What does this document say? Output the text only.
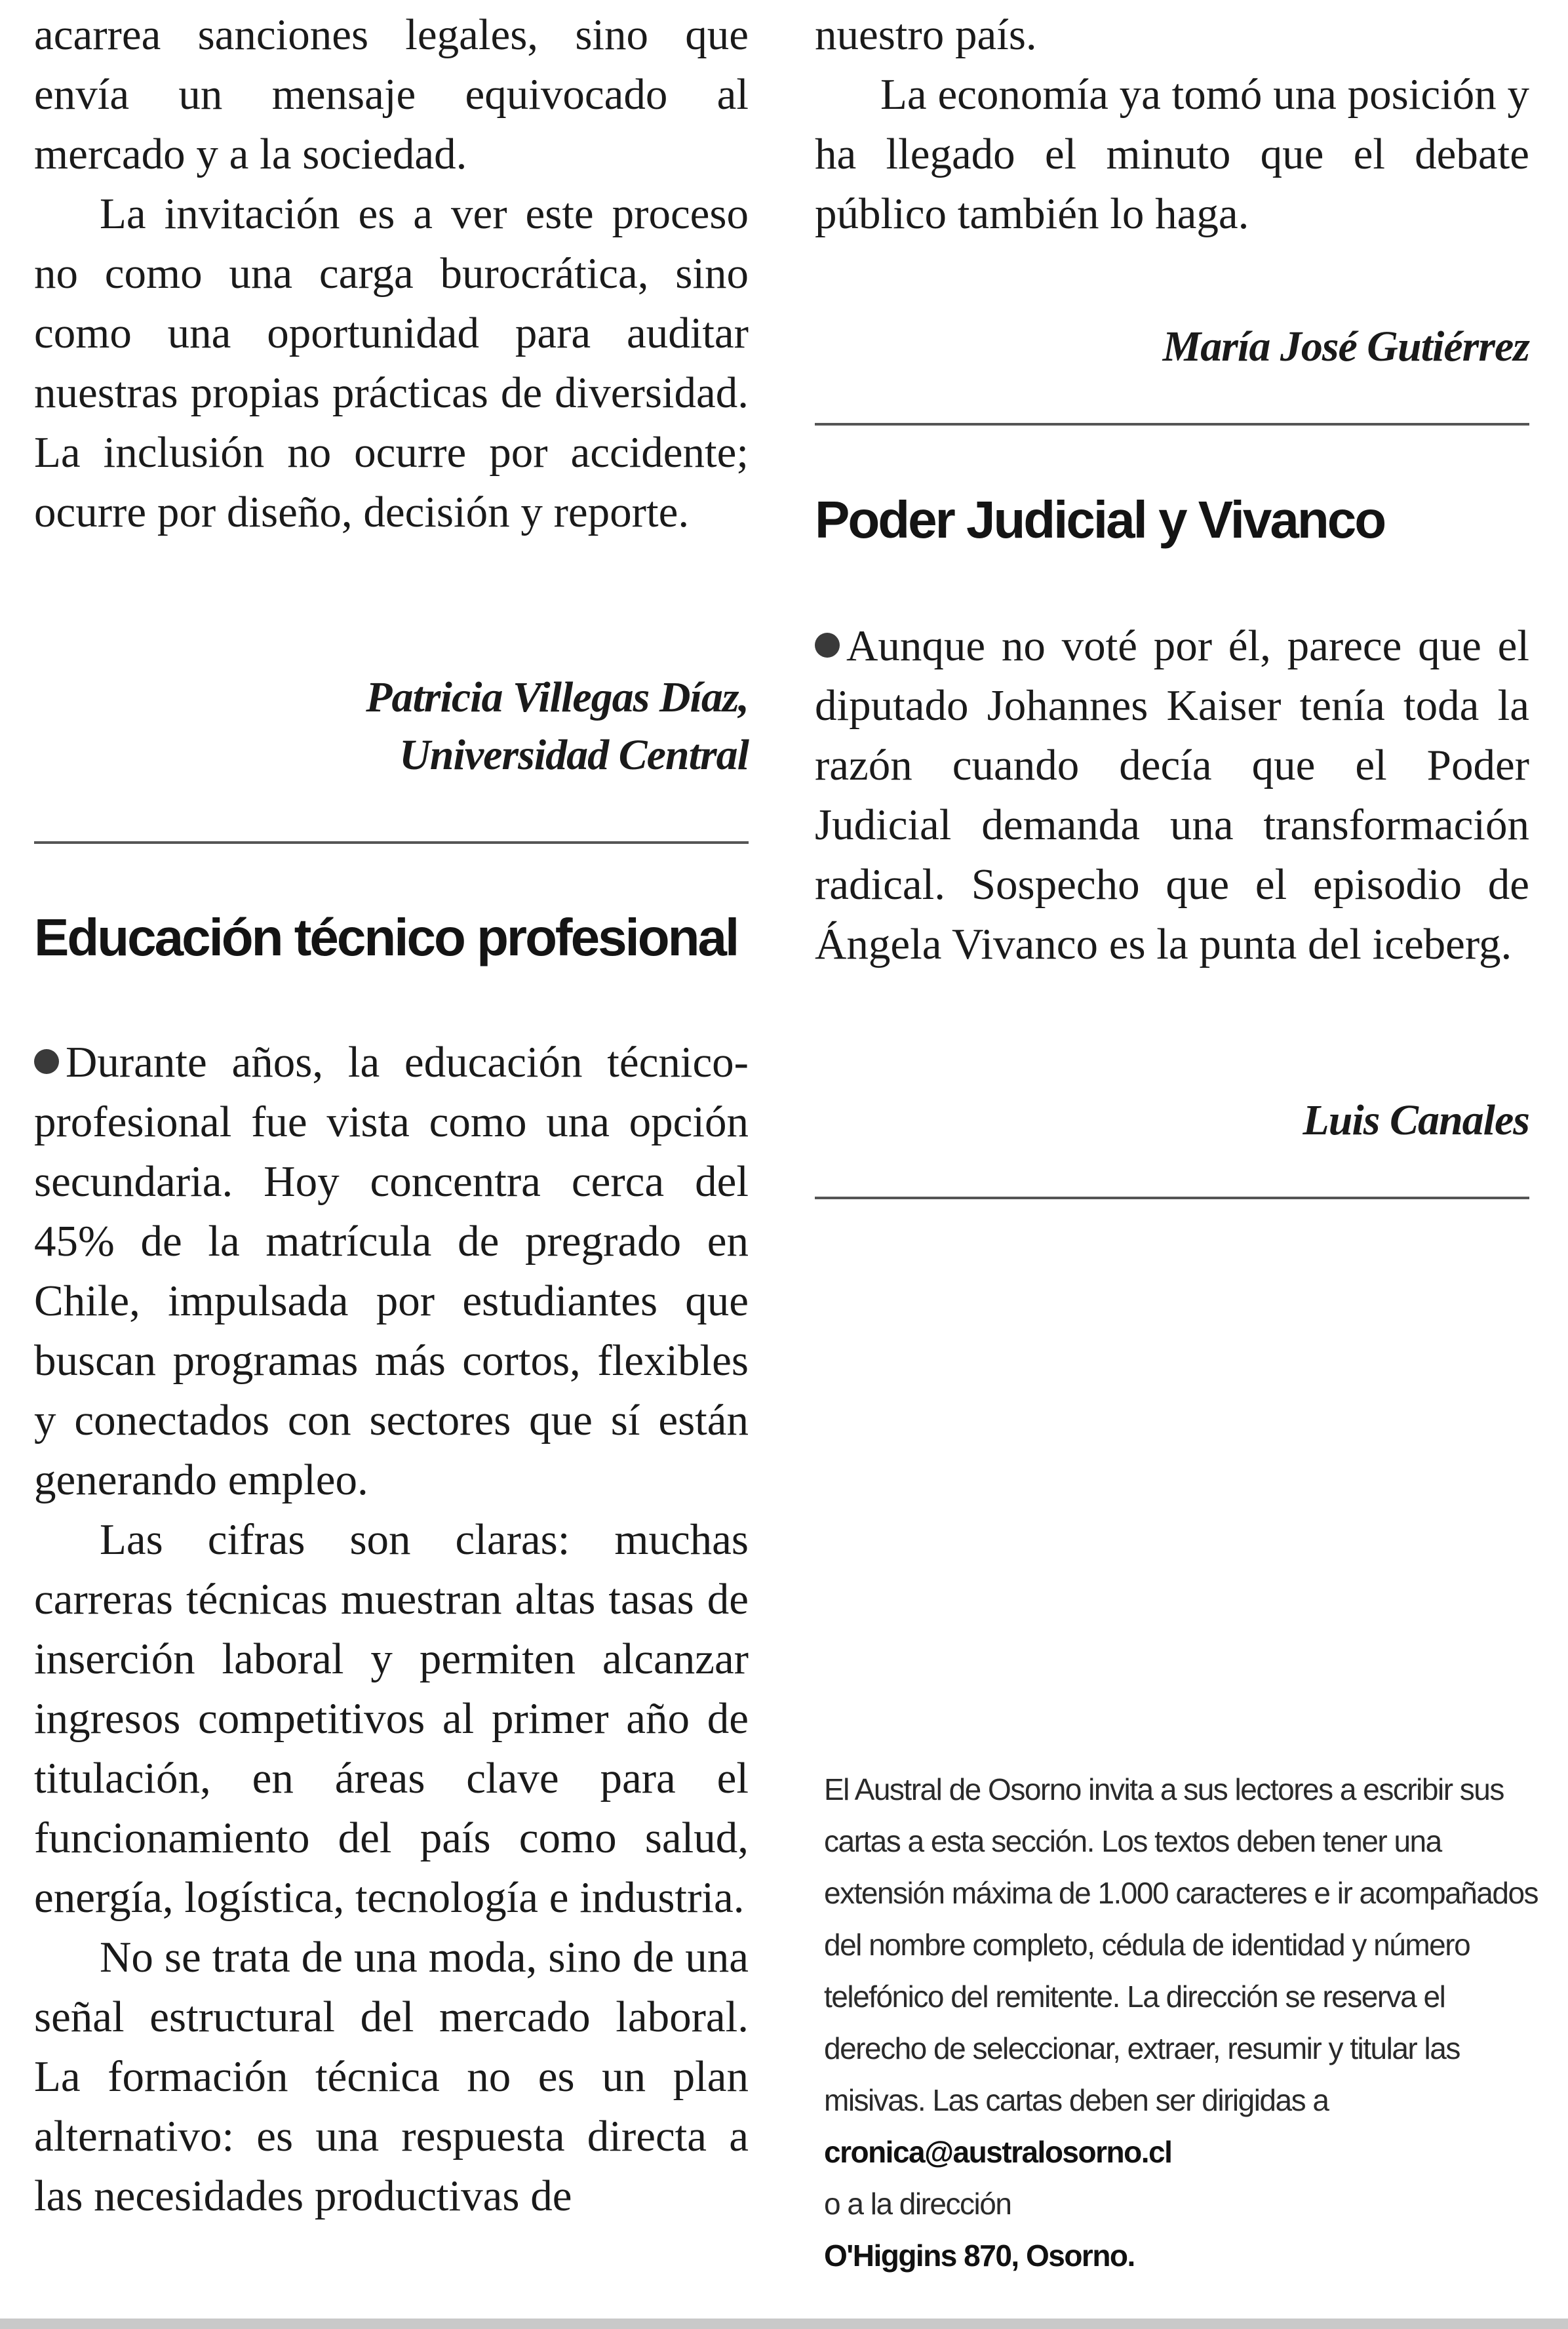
acarrea sanciones legales, sino que envía un mensaje equivocado al mercado y a la sociedad.

La invitación es a ver este proceso no como una carga burocrática, sino como una oportunidad para auditar nuestras propias prácticas de diversidad. La inclusión no ocurre por accidente; ocurre por diseño, decisión y reporte.

Patricia Villegas Díaz,

Universidad Central

Educación técnico profesional

Durante años, la educación técnico-profesional fue vista como una opción secundaria. Hoy concentra cerca del 45% de la matrícula de pregrado en Chile, impulsada por estudiantes que buscan programas más cortos, flexibles y conectados con sectores que sí están generando empleo.

Las cifras son claras: muchas carreras técnicas muestran altas tasas de inserción laboral y permiten alcanzar ingresos competitivos al primer año de titulación, en áreas clave para el funcionamiento del país como salud, energía, logística, tecnología e industria.

No se trata de una moda, sino de una señal estructural del mercado laboral. La formación técnica no es un plan alternativo: es una respuesta directa a las necesidades productivas de

nuestro país.

La economía ya tomó una posición y ha llegado el minuto que el debate público también lo haga.

María José Gutiérrez

Poder Judicial y Vivanco

Aunque no voté por él, parece que el diputado Johannes Kaiser tenía toda la razón cuando decía que el Poder Judicial demanda una transformación radical. Sospecho que el episodio de Ángela Vivanco es la punta del iceberg.

Luis Canales

El Austral de Osorno invita a sus lectores a escribir sus cartas a esta sección. Los textos deben tener una extensión máxima de 1.000 caracteres e ir acompañados del nombre completo, cédula de identidad y número telefónico del remitente. La dirección se reserva el derecho de seleccionar, extraer, resumir y titular las misivas. Las cartas deben ser dirigidas a
cronica@australosorno.cl
o a la dirección
O'Higgins 870, Osorno.
